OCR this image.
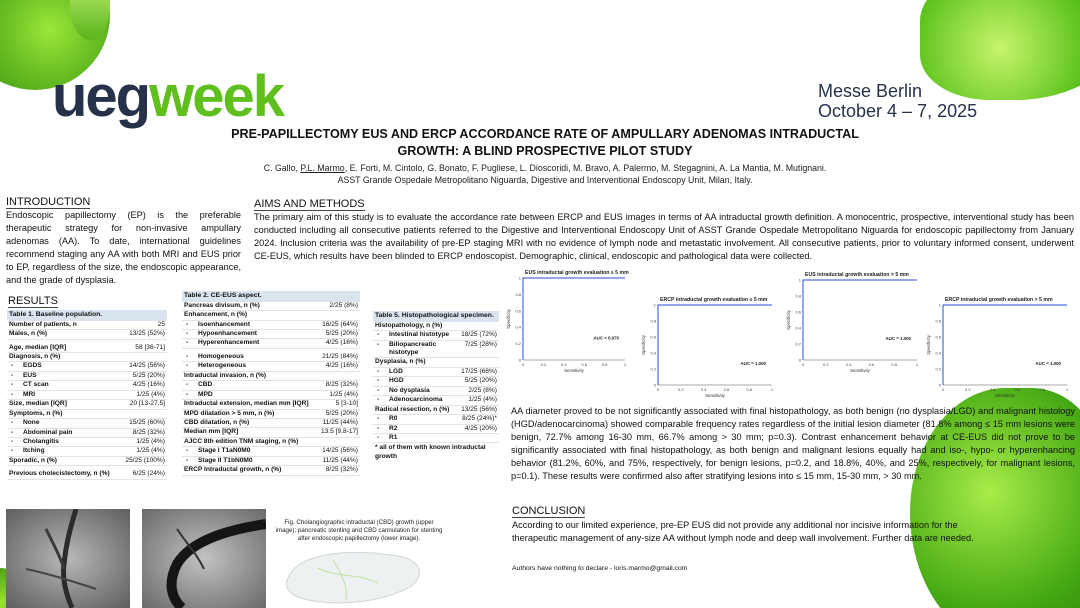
uegweek	Messe Berlin
October 4 – 7, 2025
PRE-PAPILLECTOMY EUS AND ERCP ACCORDANCE RATE OF AMPULLARY ADENOMAS INTRADUCTAL
GROWTH: A BLIND PROSPECTIVE PILOT STUDY
C. Gallo, P.L. Marmo, E. Forti, M. Cintolo, G. Bonato, F. Pugliese, L. Dioscoridi, M. Bravo, A. Palermo, M. Stegagnini, A. La Mantia, M. Mutignani.
ASST Grande Ospedale Metropolitano Niguarda, Digestive and Interventional Endoscopy Unit, Milan, Italy.
INTRODUCTION
Endoscopic papillectomy (EP) is the preferable therapeutic strategy for non-invasive ampullary adenomas (AA). To date, international guidelines recommend staging any AA with both MRI and EUS prior to EP, regardless of the size, the endoscopic appearance, and the grade of dysplasia.
AIMS AND METHODS
The primary aim of this study is to evaluate the accordance rate between ERCP and EUS images in terms of AA intraductal growth definition. A monocentric, prospective, interventional study has been conducted including all consecutive patients referred to the Digestive and Interventional Endoscopy Unit of ASST Grande Ospedale Metropolitano Niguarda for endoscopic papillectomy from January 2024. Inclusion criteria was the availability of pre-EP staging MRI with no evidence of lymph node and metastatic involvement. All consecutive patients, prior to voluntary informed consent, underwent CE-EUS, which results have been blinded to ERCP endoscopist. Demographic, clinical, endoscopic and pathological data were collected.
RESULTS
Table 1. Baseline population.
Number of patients, n	25
Males, n (%)	13/25 (52%)
Age, median [IQR]	58 [36-71]
Diagnosis, n (%)
- EGDS	14/25 (56%)
- EUS	5/25 (20%)
- CT scan	4/25 (16%)
- MRI	1/25 (4%)
Size, median [IQR]	20 [13-27.5]
Symptoms, n (%)
- None	15/25 (60%)
- Abdominal pain	8/25 (32%)
- Cholangitis	1/25 (4%)
- Itching	1/25 (4%)
Sporadic, n (%)	25/25 (100%)
Previous cholecistectomy, n (%)	6/25 (24%)
Table 2. CE-EUS aspect.
Pancreas divisum, n (%)	2/25 (8%)
Enhancement, n (%)
- Isoenhancement	16/25 (64%)
- Hypoenhancement	5/25 (20%)
- Hyperenhancement	4/25 (16%)
- Homogeneous	21/25 (84%)
- Heterogeneous	4/25 (16%)
Intraductal invasion, n (%)
- CBD	8/25 (32%)
- MPD	1/25 (4%)
Intraductal extension, median mm [IQR]	5 [3-10]
MPD dilatation > 5 mm, n (%)	5/25 (20%)
CBD dilatation, n (%)	11/25 (44%)
Median mm [IQR]	13.5 [9.8-17]
AJCC 8th edition TNM staging, n (%)
- Stage I T1aN0M0	14/25 (56%)
- Stage II T1bN0M0	11/25 (44%)
ERCP Intraductal growth, n (%)	8/25 (32%)
Table 5. Histopathological specimen.
Histopathology, n (%)
- Intestinal histotype	18/25 (72%)
- Biliopancreatic histotype
7/25 (28%)
Dysplasia, n (%)
- LGD	17/25 (68%)
- HGD	5/25 (20%)
- No dysplasia	2/25 (8%)
- Adenocarcinoma	1/25 (4%)
Radical resection, n (%)	13/25 (56%)
- R0	8/25 (24%)*
- R2	4/25 (20%)
- R1
* all of them with known intraductal growth
EUS intraductal growth evaluation ≤ 5 mm
0
0
0.2
0.2
0.4
0.4
0.6
0.6
0.8
0.8
1
1
Sensitivity
Specificity
AUC = 0.970
ERCP intraductal growth evaluation ≤ 5 mm
0
0
0.2
0.2
0.4
0.4
0.6
0.6
0.8
0.8
1
1
Sensitivity
Specificity
AUC = 1.000
EUS intraductal growth evaluation > 5 mm
0
0
0.2
0.2
0.4
0.4
0.6
0.6
0.8
0.8
1
1
Sensitivity
Specificity
AUC = 1.000
ERCP intraductal growth evaluation > 5 mm
0
0
0.2
0.2
0.4
0.4
0.6
0.6
0.8
0.8
1
1
Sensitivity
Specificity
AUC = 1.000
AA diameter proved to be not significantly associated with final histopathology, as both benign (no dysplasia/LGD) and malignant histology (HGD/adenocarcinoma) showed comparable frequency rates regardless of the initial lesion diameter (81.8% among ≤ 15 mm lesions were benign, 72.7% among 16-30 mm, 66.7% among > 30 mm; p=0.3). Contrast enhancement behavior at CE-EUS did not prove to be significantly associated with final histopathology, as both benign and malignant lesions equally had and iso-, hypo- or hyperenhancing behavior (81.2%, 60%, and 75%, respectively, for benign lesions, p=0.2, and 18.8%, 40%, and 25%, respectively, for malignant lesions, p=0.1). These results were confirmed also after stratifying lesions into ≤ 15 mm, 15-30 mm, > 30 mm.
CONCLUSION
According to our limited experience, pre-EP EUS did not provide any additional nor incisive information for the therapeutic management of any-size AA without lymph node and deep wall involvement. Further data are needed.
Authors have nothing to declare - loris.marmo@gmail.com
Fig. Cholangiographic intraductal (CBD) growth (upper image); pancreatic stenting and CBD cannulation for stenting after endoscopic papillectomy (lower image).
